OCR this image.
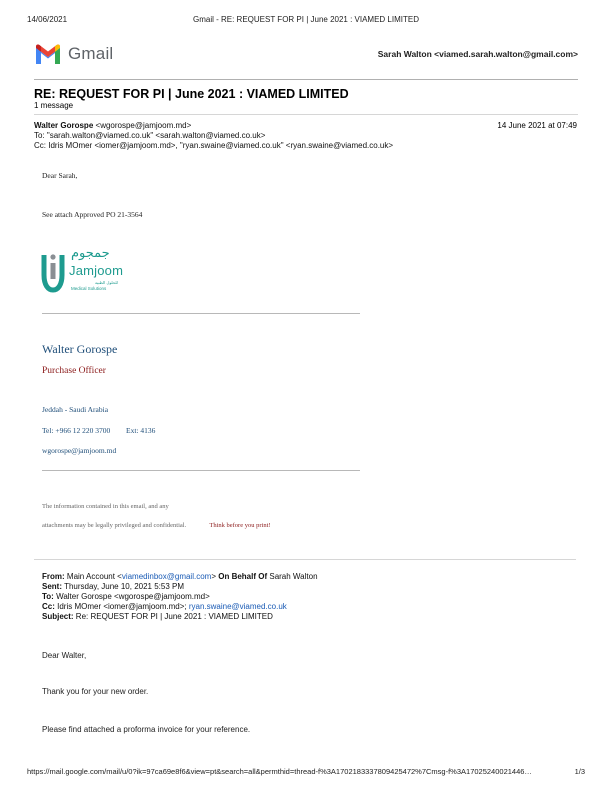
14/06/2021	Gmail - RE: REQUEST FOR PI | June 2021 : VIAMED LIMITED
Gmail	Sarah Walton <viamed.sarah.walton@gmail.com>
RE: REQUEST FOR PI | June 2021 : VIAMED LIMITED
1 message
Walter Gorospe <wgorospe@jamjoom.md>	14 June 2021 at 07:49
To: "sarah.walton@viamed.co.uk" <sarah.walton@viamed.co.uk>
Cc: Idris MOmer <iomer@jamjoom.md>, "ryan.swaine@viamed.co.uk" <ryan.swaine@viamed.co.uk>
Dear Sarah,
See attach Approved PO 21-3564
جمجوم
Jamjoom
للحلول الطبية
Medical Solutions
Walter Gorospe
Purchase Officer
Jeddah - Saudi Arabia
Tel: +966 12 220 3700 Ext: 4136
wgorospe@jamjoom.md
The information contained in this email, and any
attachments may be legally privileged and confidential.	Think before you print!
From: Main Account <viamedinbox@gmail.com> On Behalf Of Sarah Walton
Sent: Thursday, June 10, 2021 5:53 PM
To: Walter Gorospe <wgorospe@jamjoom.md>
Cc: Idris MOmer <iomer@jamjoom.md>; ryan.swaine@viamed.co.uk
Subject: Re: REQUEST FOR PI | June 2021 : VIAMED LIMITED
Dear Walter,
Thank you for your new order.
Please find attached a proforma invoice for your reference.
https://mail.google.com/mail/u/0?ik=97ca69e8f6&view=pt&search=all&permthid=thread-f%3A1702183337809425472%7Cmsg-f%3A17025240021446…	1/3
